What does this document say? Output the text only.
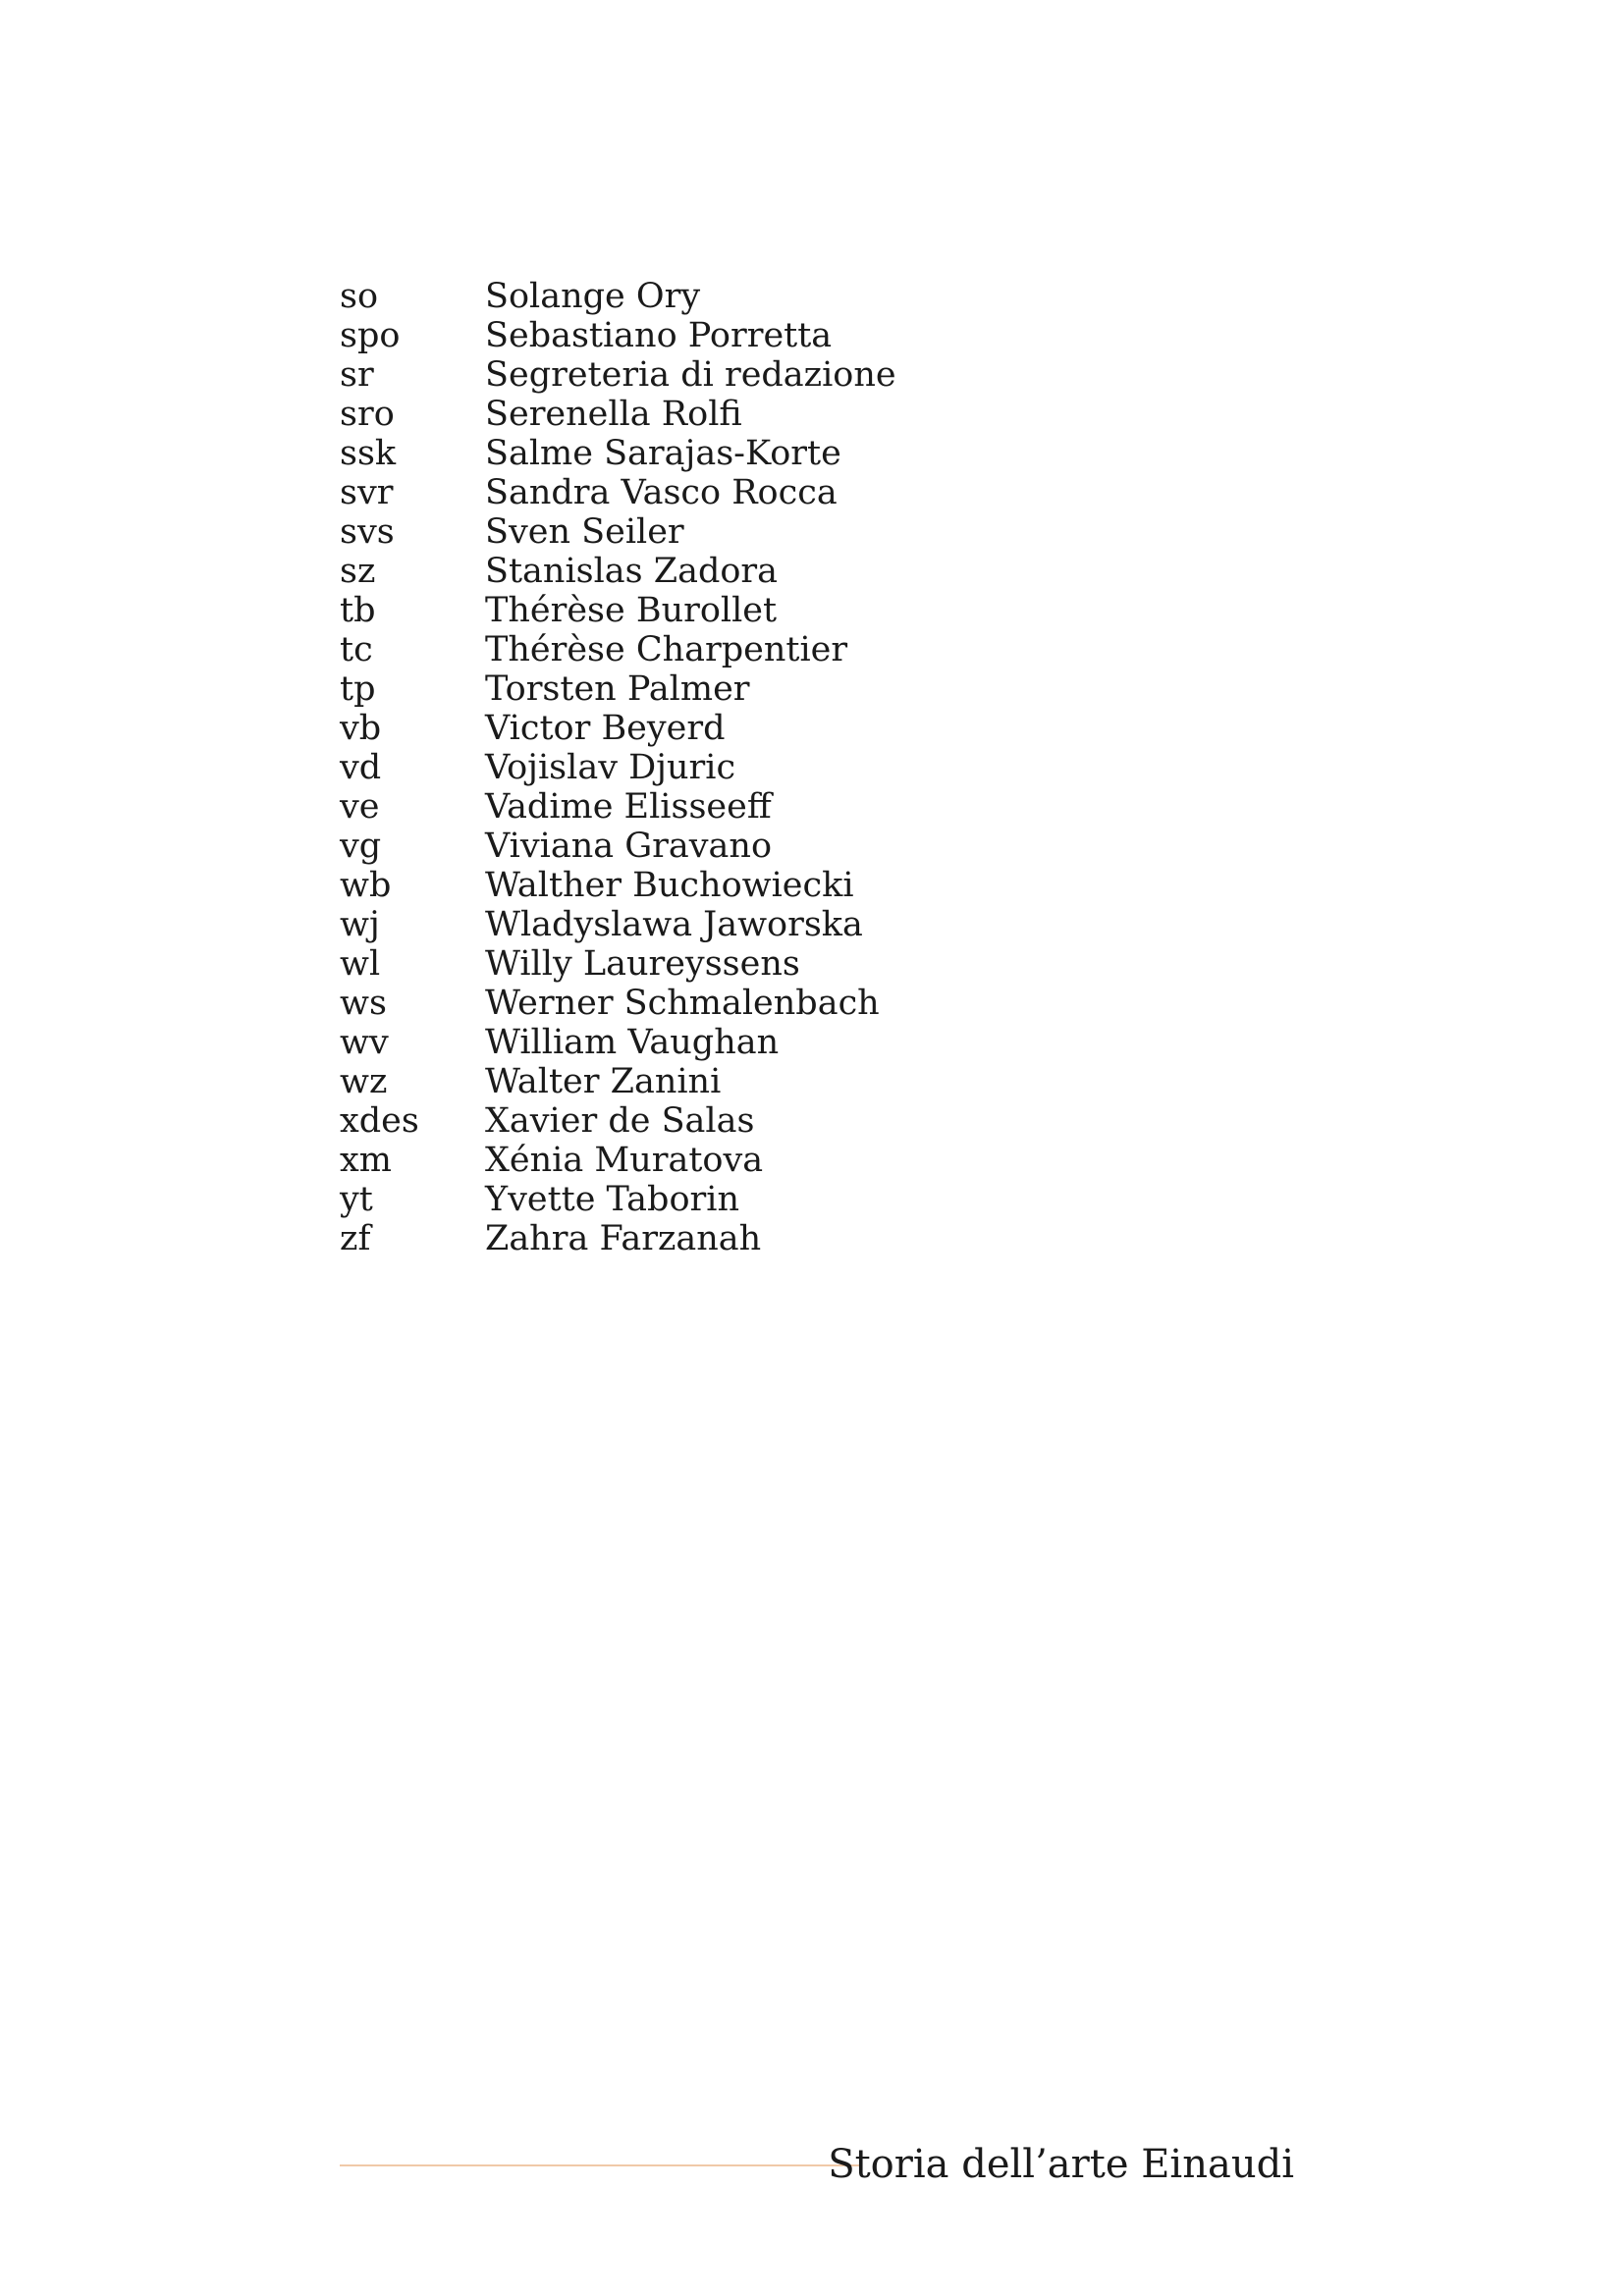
so	Solange Ory
spo	Sebastiano Porretta
sr	Segreteria di redazione
sro	Serenella Rolfi
ssk	Salme Sarajas-Korte
svr	Sandra Vasco Rocca
svs	Sven Seiler
sz	Stanislas Zadora
tb	Thérèse Burollet
tc	Thérèse Charpentier
tp	Torsten Palmer
vb	Victor Beyerd
vd	Vojislav Djuric
ve	Vadime Elisseeff
vg	Viviana Gravano
wb	Walther Buchowiecki
wj	Wladyslawa Jaworska
wl	Willy Laureyssens
ws	Werner Schmalenbach
wv	William Vaughan
wz	Walter Zanini
xdes	Xavier de Salas
xm	Xénia Muratova
yt	Yvette Taborin
zf	Zahra Farzanah
Storia dell’arte Einaudi
